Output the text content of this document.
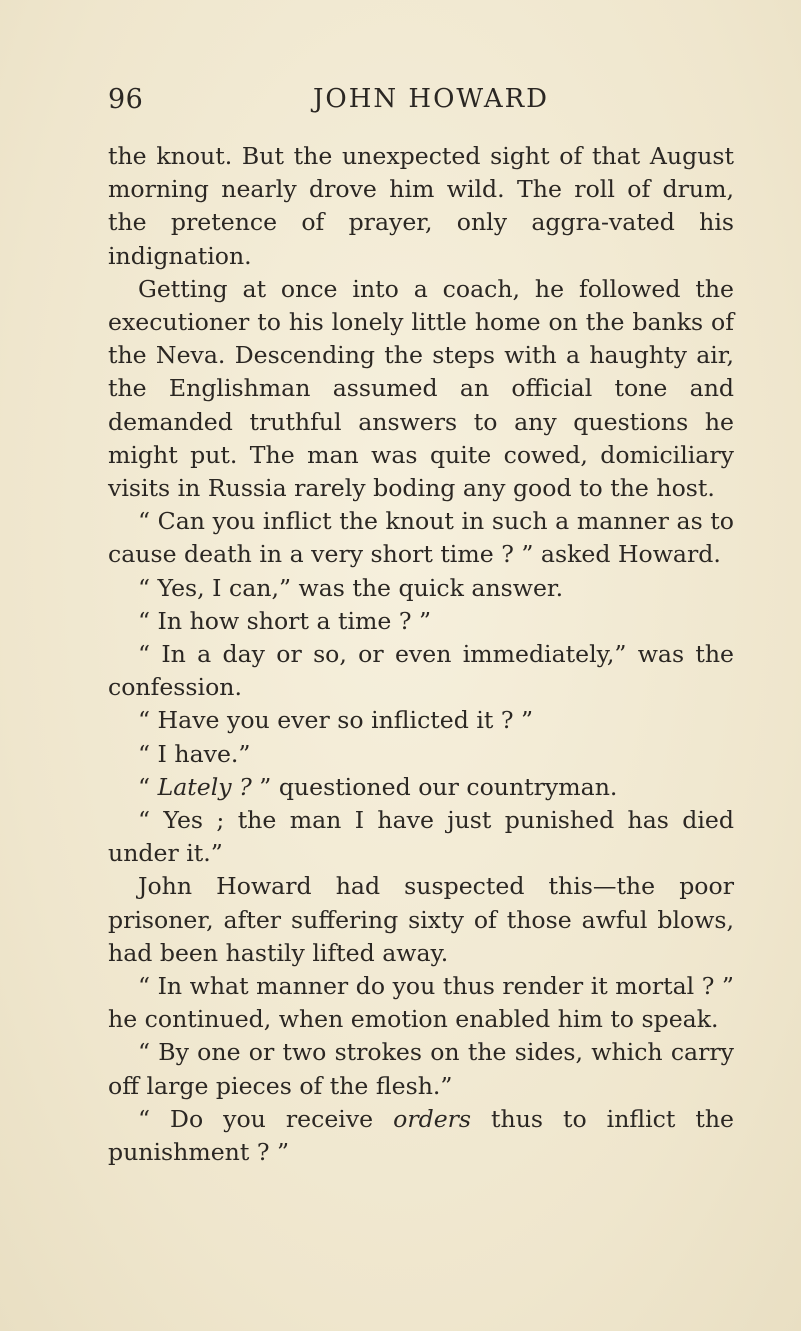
96	JOHN HOWARD

the knout. But the unexpected sight of that August morning nearly drove him wild. The roll of drum, the pretence of prayer, only aggra-vated his indignation.

Getting at once into a coach, he followed the executioner to his lonely little home on the banks of the Neva. Descending the steps with a haughty air, the Englishman assumed an official tone and demanded truthful answers to any questions he might put. The man was quite cowed, domiciliary visits in Russia rarely boding any good to the host.

“ Can you inflict the knout in such a manner as to cause death in a very short time ? ” asked Howard.

“ Yes, I can,” was the quick answer.

“ In how short a time ? ”

“ In a day or so, or even immediately,” was the confession.

“ Have you ever so inflicted it ? ”

“ I have.”

“ Lately ? ” questioned our countryman.

“ Yes ; the man I have just punished has died under it.”

John Howard had suspected this—the poor prisoner, after suffering sixty of those awful blows, had been hastily lifted away.

“ In what manner do you thus render it mortal ? ” he continued, when emotion enabled him to speak.

“ By one or two strokes on the sides, which carry off large pieces of the flesh.”

“ Do you receive orders thus to inflict the punishment ? ”
